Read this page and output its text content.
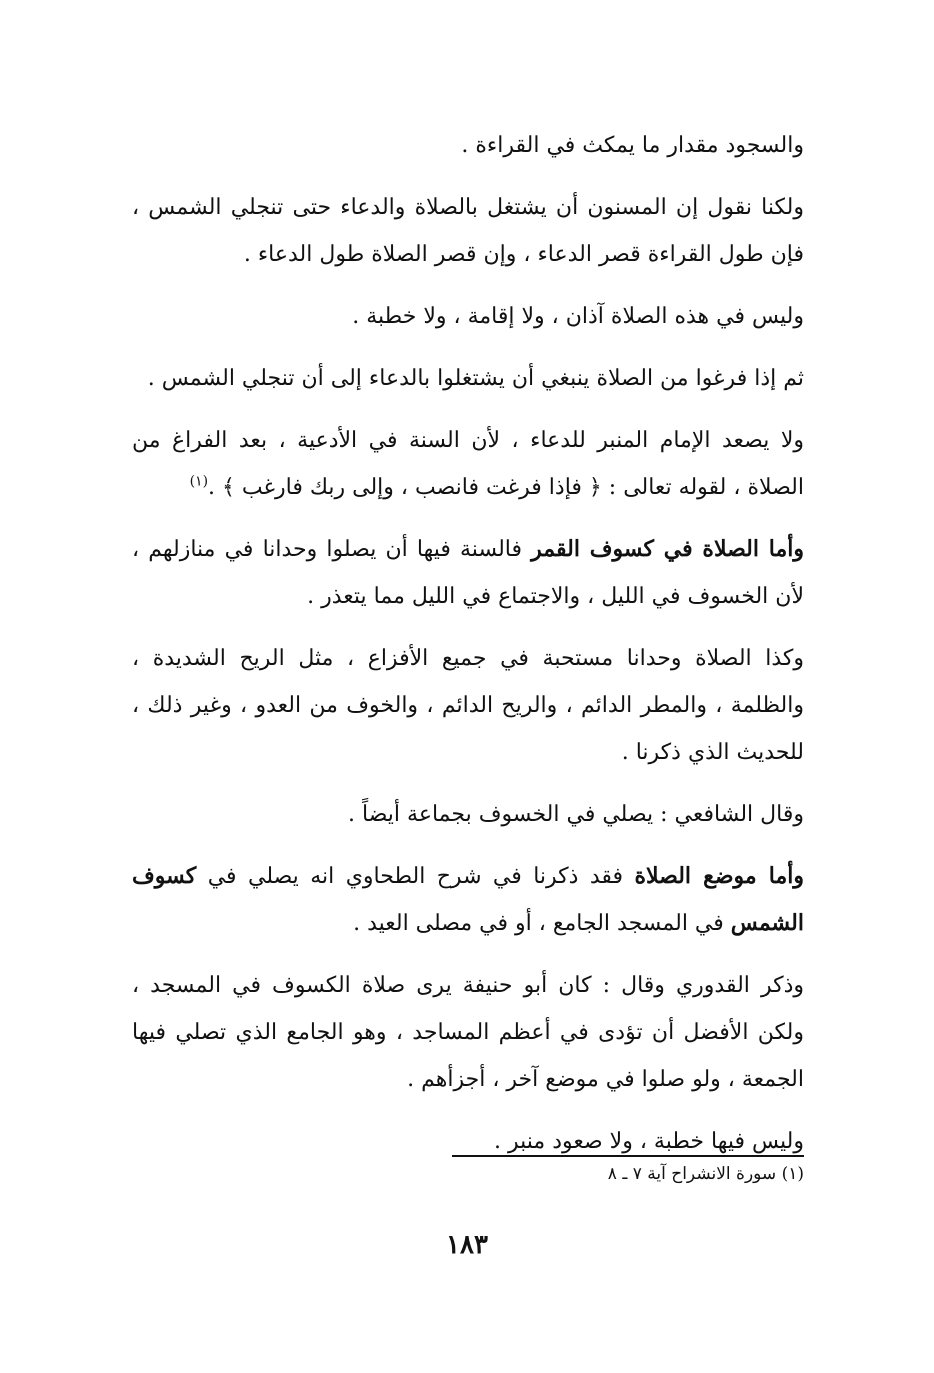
والسجود مقدار ما يمكث في القراءة .

ولكنا نقول إن المسنون أن يشتغل بالصلاة والدعاء حتى تنجلي الشمس ، فإن طول القراءة قصر الدعاء ، وإن قصر الصلاة طول الدعاء .

وليس في هذه الصلاة آذان ، ولا إقامة ، ولا خطبة .

ثم إذا فرغوا من الصلاة ينبغي أن يشتغلوا بالدعاء إلى أن تنجلي الشمس .

ولا يصعد الإمام المنبر للدعاء ، لأن السنة في الأدعية ، بعد الفراغ من الصلاة ، لقوله تعالى : ﴿ فإذا فرغت فانصب ، وإلى ربك فارغب ﴾ .$^{(١)}$

وأما الصلاة في كسوف القمر فالسنة فيها أن يصلوا وحدانا في منازلهم ، لأن الخسوف في الليل ، والاجتماع في الليل مما يتعذر .

وكذا الصلاة وحدانا مستحبة في جميع الأفزاع ، مثل الريح الشديدة ، والظلمة ، والمطر الدائم ، والريح الدائم ، والخوف من العدو ، وغير ذلك ، للحديث الذي ذكرنا .

وقال الشافعي : يصلي في الخسوف بجماعة أيضاً .

وأما موضع الصلاة فقد ذكرنا في شرح الطحاوي انه يصلي في كسوف الشمس في المسجد الجامع ، أو في مصلى العيد .

وذكر القدوري وقال : كان أبو حنيفة يرى صلاة الكسوف في المسجد ، ولكن الأفضل أن تؤدى في أعظم المساجد ، وهو الجامع الذي تصلي فيها الجمعة ، ولو صلوا في موضع آخر ، أجزأهم .

وليس فيها خطبة ، ولا صعود منبر .

(١) سورة الانشراح آية ٧ ـ ٨

١٨٣
